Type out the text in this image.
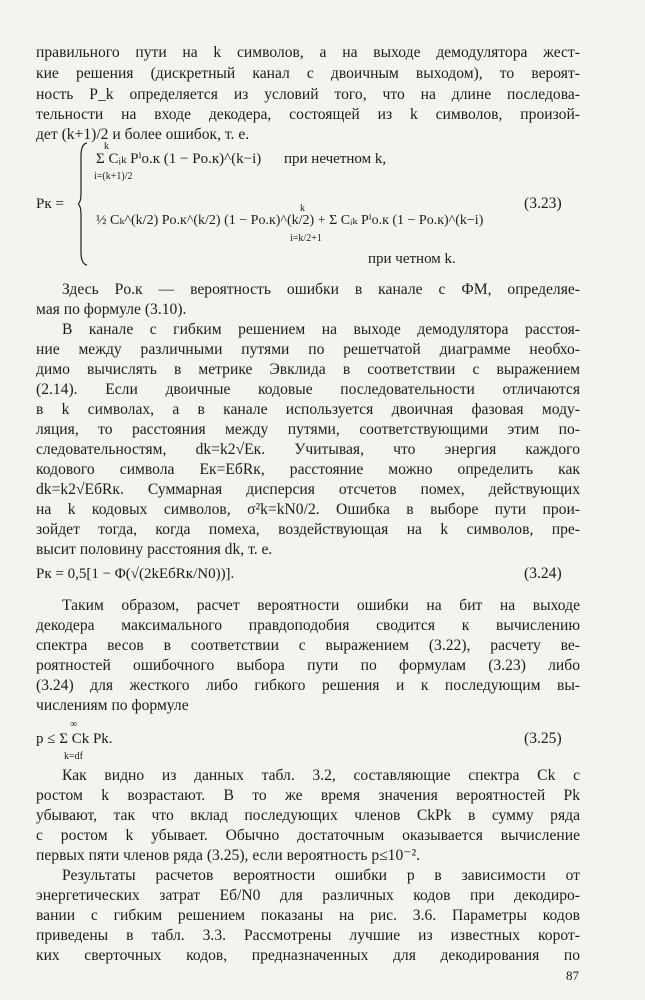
правильного пути на k символов, а на выходе демодулятора жест-
кие решения (дискретный канал с двоичным выходом), то вероят-
ность P_k определяется из условий того, что на длине последова-
тельности на входе декодера, состоящей из k символов, произой-
дет (k+1)/2 и более ошибок, т. е.
Pк =
k
Σ Cᵢₖ Pⁱо.к (1 − Pо.к)^(k−i)
i=(k+1)/2
при нечетном k,
k
½ Cₖ^(k/2) Pо.к^(k/2) (1 − Pо.к)^(k/2) + Σ Cᵢₖ Pⁱо.к (1 − Pо.к)^(k−i)
i=k/2+1
при четном k.
(3.23)
Здесь Pо.к — вероятность ошибки в канале с ФМ, определяе-
мая по формуле (3.10).
В канале с гибким решением на выходе демодулятора расстоя-
ние между различными путями по решетчатой диаграмме необхо-
димо вычислять в метрике Эвклида в соответствии с выражением
(2.14). Если двоичные кодовые последовательности отличаются
в k символах, а в канале используется двоичная фазовая моду-
ляция, то расстояния между путями, соответствующими этим по-
следовательностям, dk=k2√Eк. Учитывая, что энергия каждого
кодового символа Eк=EбRк, расстояние можно определить как
dk=k2√EбRк. Суммарная дисперсия отсчетов помех, действующих
на k кодовых символов, σ²k=kN0/2. Ошибка в выборе пути прои-
зойдет тогда, когда помеха, воздействующая на k символов, пре-
высит половину расстояния dk, т. е.
Pк = 0,5[1 − Φ(√(2kEбRк/N0))].	(3.24)
Таким образом, расчет вероятности ошибки на бит на выходе
декодера максимального правдоподобия сводится к вычислению
спектра весов в соответствии с выражением (3.22), расчету ве-
роятностей ошибочного выбора пути по формулам (3.23) либо
(3.24) для жесткого либо гибкого решения и к последующим вы-
числениям по формуле
∞
p ≤ Σ Ck Pk.
k=df
(3.25)
Как видно из данных табл. 3.2, составляющие спектра Ck с
ростом k возрастают. В то же время значения вероятностей Pk
убывают, так что вклад последующих членов CkPk в сумму ряда
с ростом k убывает. Обычно достаточным оказывается вычисление
первых пяти членов ряда (3.25), если вероятность p≤10⁻².
Результаты расчетов вероятности ошибки p в зависимости от
энергетических затрат Eб/N0 для различных кодов при декодиро-
вании с гибким решением показаны на рис. 3.6. Параметры кодов
приведены в табл. 3.3. Рассмотрены лучшие из известных корот-
ких сверточных кодов, предназначенных для декодирования по
87
